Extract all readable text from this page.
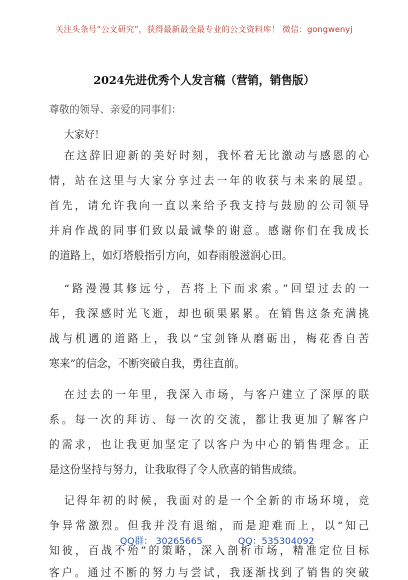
关注头条号“公文研究”，获得最新最全最专业的公文资料库！ 微信：gongwenyj
2024先进优秀个人发言稿（营销，销售版）
尊敬的领导、亲爱的同事们：
大家好！
在这辞旧迎新的美好时刻，我怀着无比激动与感恩的心
情，站在这里与大家分享过去一年的收获与未来的展望。
首先，请允许我向一直以来给予我支持与鼓励的公司领导
并肩作战的同事们致以最诚挚的谢意。感谢你们在我成长
的道路上，如灯塔般指引方向，如春雨般滋润心田。
“路漫漫其修远兮，吾将上下而求索。”回望过去的一
年，我深感时光飞逝，却也硕果累累。在销售这条充满挑
战与机遇的道路上，我以“宝剑锋从磨砺出，梅花香自苦
寒来”的信念，不断突破自我，勇往直前。
在过去的一年里，我深入市场，与客户建立了深厚的联
系。每一次的拜访、每一次的交流，都让我更加了解客户
的需求，也让我更加坚定了以客户为中心的销售理念。正
是这份坚持与努力，让我取得了令人欣喜的销售成绩。
记得年初的时候，我面对的是一个全新的市场环境，竞
争异常激烈。但我并没有退缩，而是迎难而上，以“知己
知彼，百战不殆”的策略，深入剖析市场，精准定位目标
客户。通过不断的努力与尝试，我逐渐找到了销售的突破
QQ群： 30265665	QQ：535304092
